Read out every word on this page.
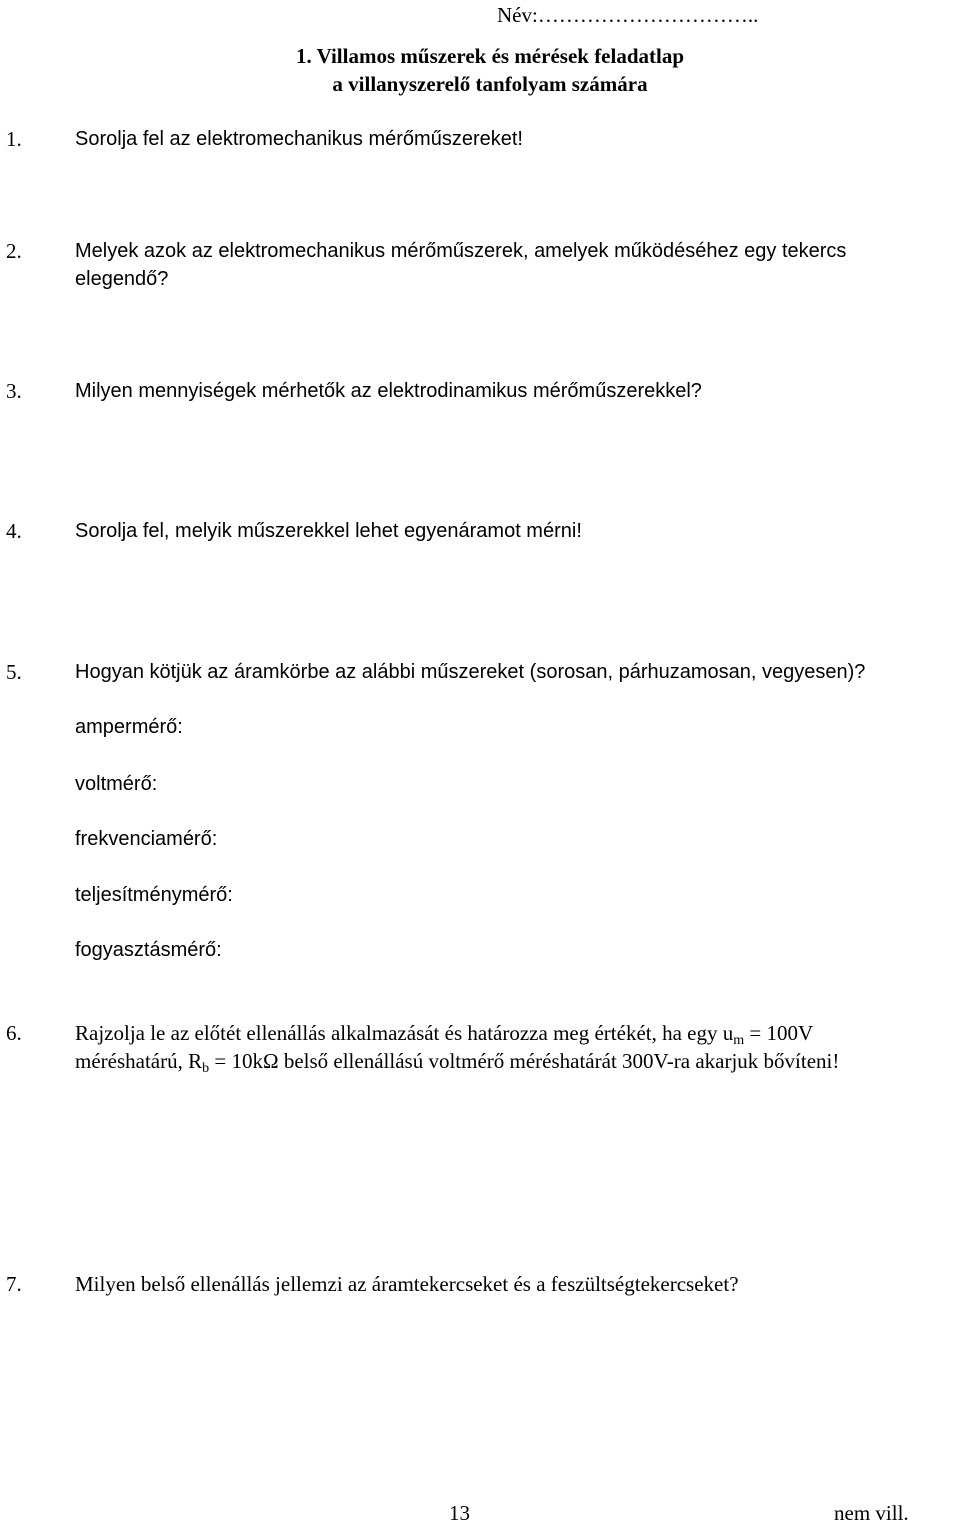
Név:…………………………..
1. Villamos műszerek és mérések feladatlap
a villanyszerelő tanfolyam számára
1.	Sorolja fel az elektromechanikus mérőműszereket!
2.	Melyek azok az elektromechanikus mérőműszerek, amelyek működéséhez egy tekercs
elegendő?
3.	Milyen mennyiségek mérhetők az elektrodinamikus mérőműszerekkel?
4.	Sorolja fel, melyik műszerekkel lehet egyenáramot mérni!
5.	Hogyan kötjük az áramkörbe az alábbi műszereket (sorosan, párhuzamosan, vegyesen)?
ampermérő:
voltmérő:
frekvenciamérő:
teljesítménymérő:
fogyasztásmérő:
6.	Rajzolja le az előtét ellenállás alkalmazását és határozza meg értékét, ha egy $u_m = 100V$
méréshatárú, $R_b = 10k\Omega$ belső ellenállású voltmérő méréshatárát 300V-ra akarjuk bővíteni!
7.	Milyen belső ellenállás jellemzi az áramtekercseket és a feszültségtekercseket?
13	nem vill.
